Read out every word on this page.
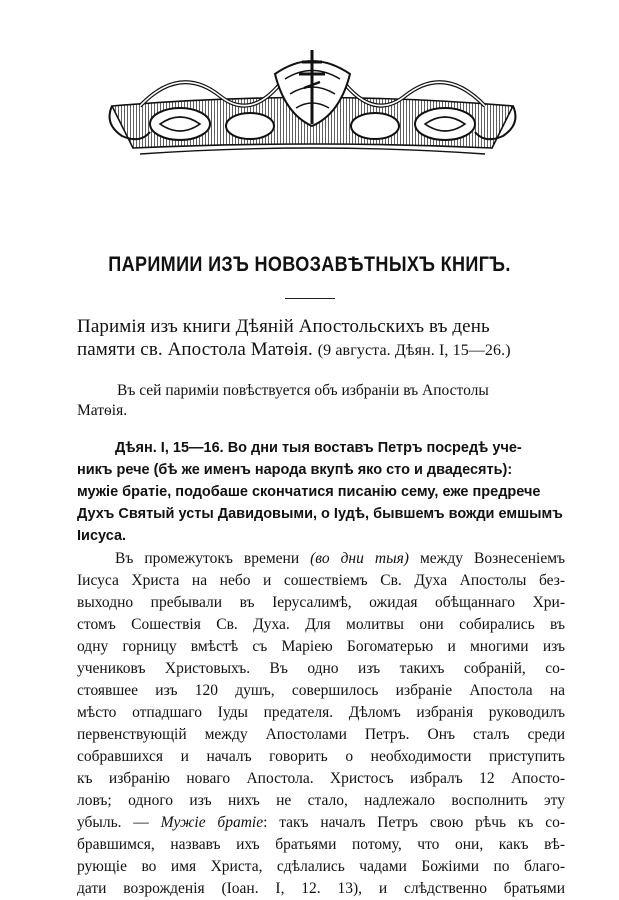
ПАРИМИИ ИЗЪ НОВОЗАВѢТНЫХЪ КНИГЪ.
Паримія изъ книги Дѣяній Апостольскихъ въ день
памяти св. Апостола Матѳія. (9 августа. Дѣян. I, 15—26.)
Въ сей паримiи повѣствуется объ избраніи въ Апостолы
Матѳія.
Дѣян. I, 15—16. Во дни тыя воставъ Петръ посредѣ уче-
никъ рече (бѣ же именъ народа вкупѣ яко сто и двадесять):
мужіе братіе, подобаше скончатися писанію сему, еже предрече
Духъ Святый усты Давидовыми, о Іудѣ, бывшемъ вожди емшымъ
Іисуса.
Въ промежутокъ времени (во дни тыя) между Вознесеніемъ
Іисуса Христа на небо и сошествіемъ Св. Духа Апостолы без-
выходно пребывали въ Іерусалимѣ, ожидая обѣщаннаго Хри-
стомъ Сошествія Св. Духа. Для молитвы они собирались въ
одну горницу вмѣстѣ съ Маріею Богоматерью и многими изъ
учениковъ Христовыхъ. Въ одно изъ такихъ собраній, со-
стоявшее изъ 120 душъ, совершилось избраніе Апостола на
мѣсто отпадшаго Іуды предателя. Дѣломъ избранія руководилъ
первенствующій между Апостолами Петръ. Онъ сталъ среди
собравшихся и началъ говорить о необходимости приступить
къ избранію новаго Апостола. Христосъ избралъ 12 Апосто-
ловъ; одного изъ нихъ не стало, надлежало восполнить эту
убыль. — Мужіе братіе: такъ началъ Петръ свою рѣчь къ со-
бравшимся, назвавъ ихъ братьями потому, что они, какъ вѣ-
рующіе во имя Христа, сдѣлались чадами Божіими по благо-
дати возрожденія (Іоан. I, 12. 13), и слѣдственно братьями
